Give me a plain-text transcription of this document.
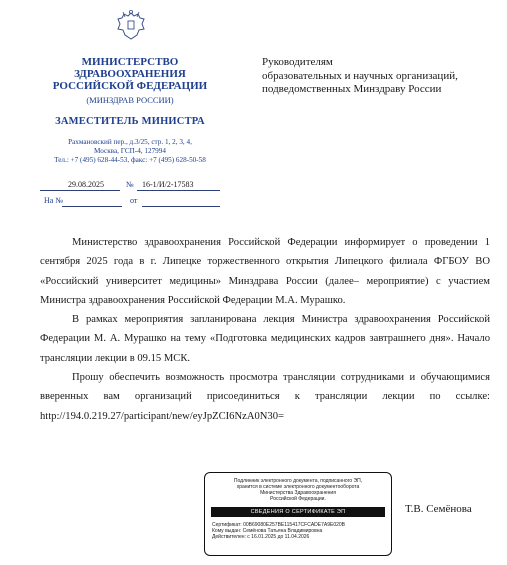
МИНИСТЕРСТВО
ЗДРАВООХРАНЕНИЯ
РОССИЙСКОЙ ФЕДЕРАЦИИ
(МИНЗДРАВ РОССИИ)
ЗАМЕСТИТЕЛЬ МИНИСТРА
Рахмановский пер., д.3/25, стр. 1, 2, 3, 4,
Москва, ГСП-4, 127994
Тел.: +7 (495) 628-44-53, факс: +7 (495) 628-50-58
29.08.2025	№ 16-1/И/2-17583
На №	от
Руководителям
образовательных и научных организаций,
подведомственных Минздраву России

Министерство здравоохранения Российской Федерации информирует о проведении 1 сентября 2025 года в г. Липецке торжественного открытия Липецкого филиала ФГБОУ ВО «Российский университет медицины» Минздрава России (далее– мероприятие) с участием Министра здравоохранения Российской Федерации М.А. Мурашко.

В рамках мероприятия запланирована лекция Министра здравоохранения Российской Федерации М. А. Мурашко на тему «Подготовка медицинских кадров завтрашнего дня». Начало трансляции лекции в 09.15 МСК.

Прошу обеспечить возможность просмотра трансляции сотрудниками и обучающимися вверенных вам организаций присоединиться к трансляции лекции по ссылке: http://194.0.219.27/participant/new/eyJpZCI6NzA0N30=

Подлинник электронного документа, подписанного ЭП,
хранится в системе электронного документооборота
Министерства Здравоохранения
Российской Федерации.
СВЕДЕНИЯ О СЕРТИФИКАТЕ ЭП
Сертификат: 00B69080E257BE115417CFCADE7A9E020B
Кому выдан: Семёнова Татьяна Владимировна
Действителен: с 16.01.2025 до 11.04.2026
Т.В. Семёнова
